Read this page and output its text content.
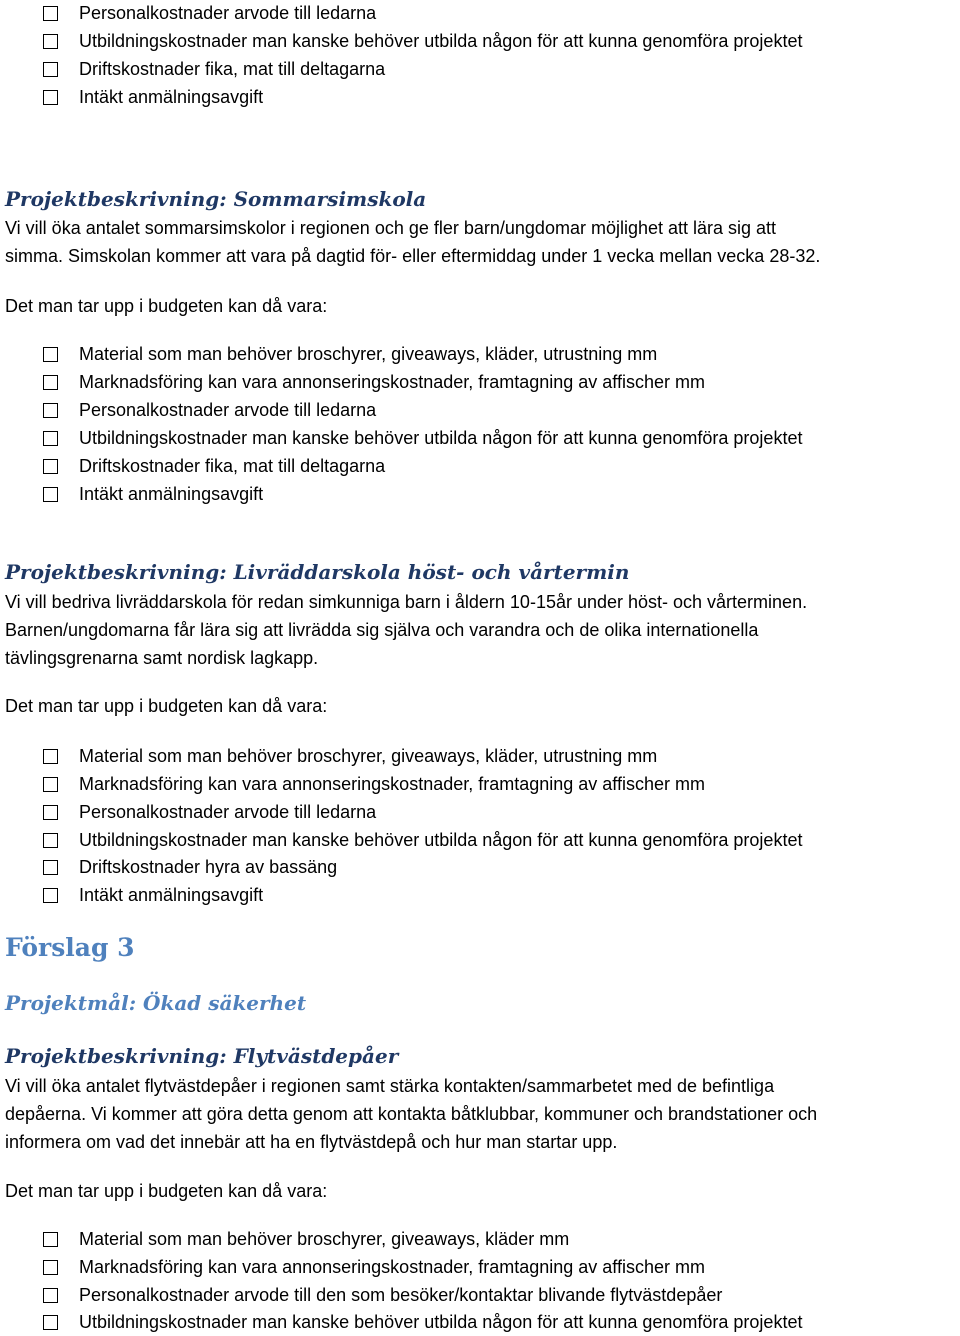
Personalkostnader arvode till ledarna
Utbildningskostnader man kanske behöver utbilda någon för att kunna genomföra projektet
Driftskostnader fika, mat till deltagarna
Intäkt anmälningsavgift
Projektbeskrivning: Sommarsimskola
Vi vill öka antalet sommarsimskolor i regionen och ge fler barn/ungdomar möjlighet att lära sig att
simma. Simskolan kommer att vara på dagtid för- eller eftermiddag under 1 vecka mellan vecka 28-32.
Det man tar upp i budgeten kan då vara:
Material som man behöver broschyrer, giveaways, kläder, utrustning mm
Marknadsföring kan vara annonseringskostnader, framtagning av affischer mm
Personalkostnader arvode till ledarna
Utbildningskostnader man kanske behöver utbilda någon för att kunna genomföra projektet
Driftskostnader fika, mat till deltagarna
Intäkt anmälningsavgift
Projektbeskrivning: Livräddarskola höst- och vårtermin
Vi vill bedriva livräddarskola för redan simkunniga barn i åldern 10-15år under höst- och vårterminen.
Barnen/ungdomarna får lära sig att livrädda sig själva och varandra och de olika internationella
tävlingsgrenarna samt nordisk lagkapp.
Det man tar upp i budgeten kan då vara:
Material som man behöver broschyrer, giveaways, kläder, utrustning mm
Marknadsföring kan vara annonseringskostnader, framtagning av affischer mm
Personalkostnader arvode till ledarna
Utbildningskostnader man kanske behöver utbilda någon för att kunna genomföra projektet
Driftskostnader hyra av bassäng
Intäkt anmälningsavgift
Förslag 3
Projektmål: Ökad säkerhet
Projektbeskrivning: Flytvästdepåer
Vi vill öka antalet flytvästdepåer i regionen samt stärka kontakten/sammarbetet med de befintliga
depåerna. Vi kommer att göra detta genom att kontakta båtklubbar, kommuner och brandstationer och
informera om vad det innebär att ha en flytvästdepå och hur man startar upp.
Det man tar upp i budgeten kan då vara:
Material som man behöver broschyrer, giveaways, kläder mm
Marknadsföring kan vara annonseringskostnader, framtagning av affischer mm
Personalkostnader arvode till den som besöker/kontaktar blivande flytvästdepåer
Utbildningskostnader man kanske behöver utbilda någon för att kunna genomföra projektet
